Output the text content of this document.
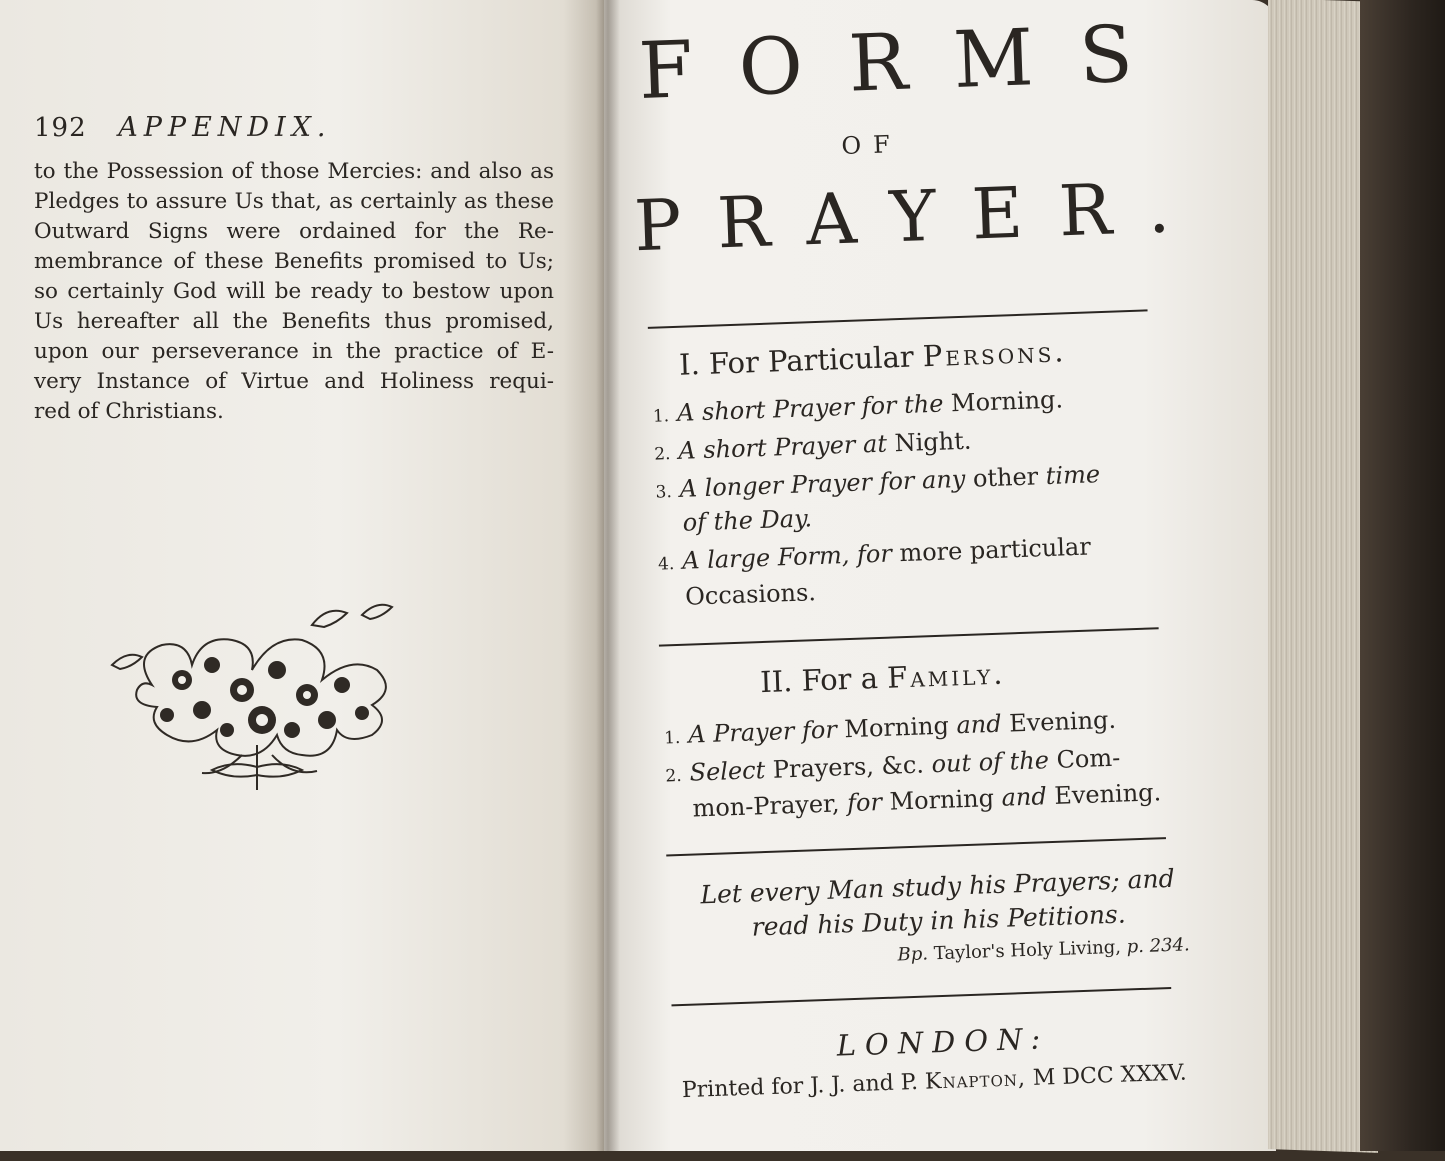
192 APPENDIX.
to the Possession of those Mercies: and also as
Pledges to assure Us that, as certainly as these
Outward Signs were ordained for the Re-
membrance of these Benefits promised to Us;
so certainly God will be ready to bestow upon
Us hereafter all the Benefits thus promised,
upon our perseverance in the practice of E-
very Instance of Virtue and Holiness requi-
red of Christians.
FORMS
OF
PRAYER.
I. For Particular Persons.
1. A short Prayer for the Morning.
2. A short Prayer at Night.
3. A longer Prayer for any other time
of the Day.
4. A large Form, for more particular
Occasions.
II. For a Family.
1. A Prayer for Morning and Evening.
2. Select Prayers, &c. out of the Com-
mon-Prayer, for Morning and Evening.
Let every Man study his Prayers; and
read his Duty in his Petitions.
Bp. Taylor's Holy Living, p. 234.
LONDON:
Printed for J. J. and P. Knapton, M DCC XXXV.
